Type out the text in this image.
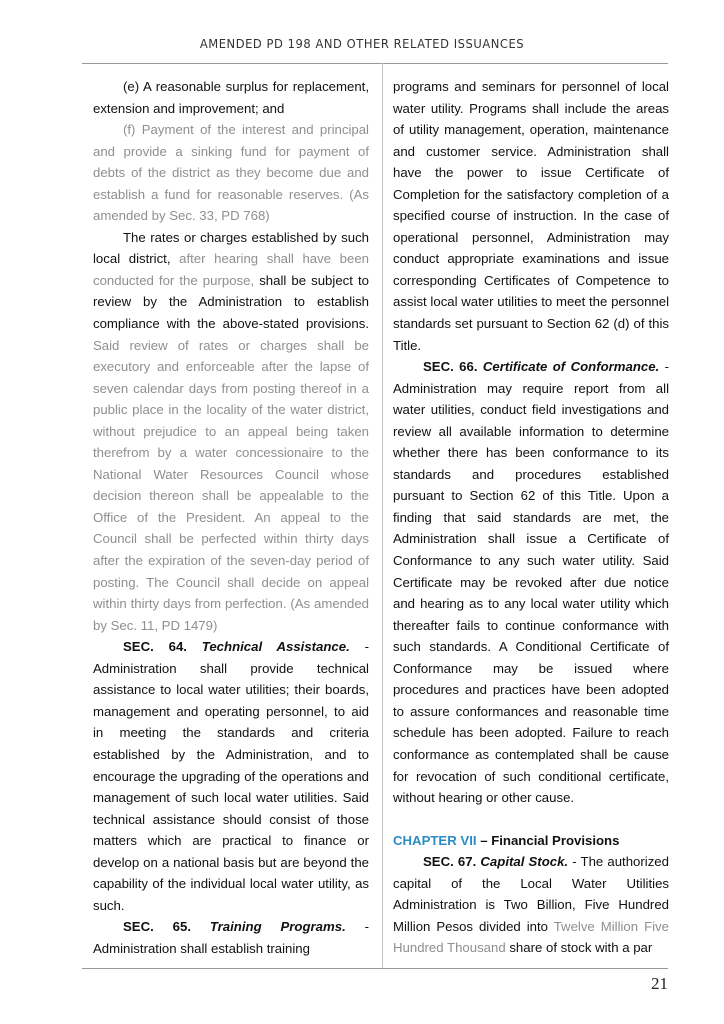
AMENDED PD 198 AND OTHER RELATED ISSUANCES

(e) A reasonable surplus for replacement, extension and improvement; and

(f) Payment of the interest and principal and provide a sinking fund for payment of debts of the district as they become due and establish a fund for reasonable reserves. (As amended by Sec. 33, PD 768)

The rates or charges established by such local district, after hearing shall have been conducted for the purpose, shall be subject to review by the Administration to establish compliance with the above-stated provisions. Said review of rates or charges shall be executory and enforceable after the lapse of seven calendar days from posting thereof in a public place in the locality of the water district, without prejudice to an appeal being taken therefrom by a water concessionaire to the National Water Resources Council whose decision thereon shall be appealable to the Office of the President. An appeal to the Council shall be perfected within thirty days after the expiration of the seven-day period of posting. The Council shall decide on appeal within thirty days from perfection. (As amended by Sec. 11, PD 1479)

SEC. 64. Technical Assistance. - Administration shall provide technical assistance to local water utilities; their boards, management and operating personnel, to aid in meeting the standards and criteria established by the Administration, and to encourage the upgrading of the operations and management of such local water utilities. Said technical assistance should consist of those matters which are practical to finance or develop on a national basis but are beyond the capability of the individual local water utility, as such.

SEC. 65. Training Programs. - Administration shall establish training

programs and seminars for personnel of local water utility. Programs shall include the areas of utility management, operation, maintenance and customer service. Administration shall have the power to issue Certificate of Completion for the satisfactory completion of a specified course of instruction. In the case of operational personnel, Administration may conduct appropriate examinations and issue corresponding Certificates of Competence to assist local water utilities to meet the personnel standards set pursuant to Section 62 (d) of this Title.

SEC. 66. Certificate of Conformance. - Administration may require report from all water utilities, conduct field investigations and review all available information to determine whether there has been conformance to its standards and procedures established pursuant to Section 62 of this Title. Upon a finding that said standards are met, the Administration shall issue a Certificate of Conformance to any such water utility. Said Certificate may be revoked after due notice and hearing as to any local water utility which thereafter fails to continue conformance with such standards. A Conditional Certificate of Conformance may be issued where procedures and practices have been adopted to assure conformances and reasonable time schedule has been adopted. Failure to reach conformance as contemplated shall be cause for revocation of such conditional certificate, without hearing or other cause.

CHAPTER VII – Financial Provisions

SEC. 67. Capital Stock. - The authorized capital of the Local Water Utilities Administration is Two Billion, Five Hundred Million Pesos divided into Twelve Million Five Hundred Thousand share of stock with a par

21
